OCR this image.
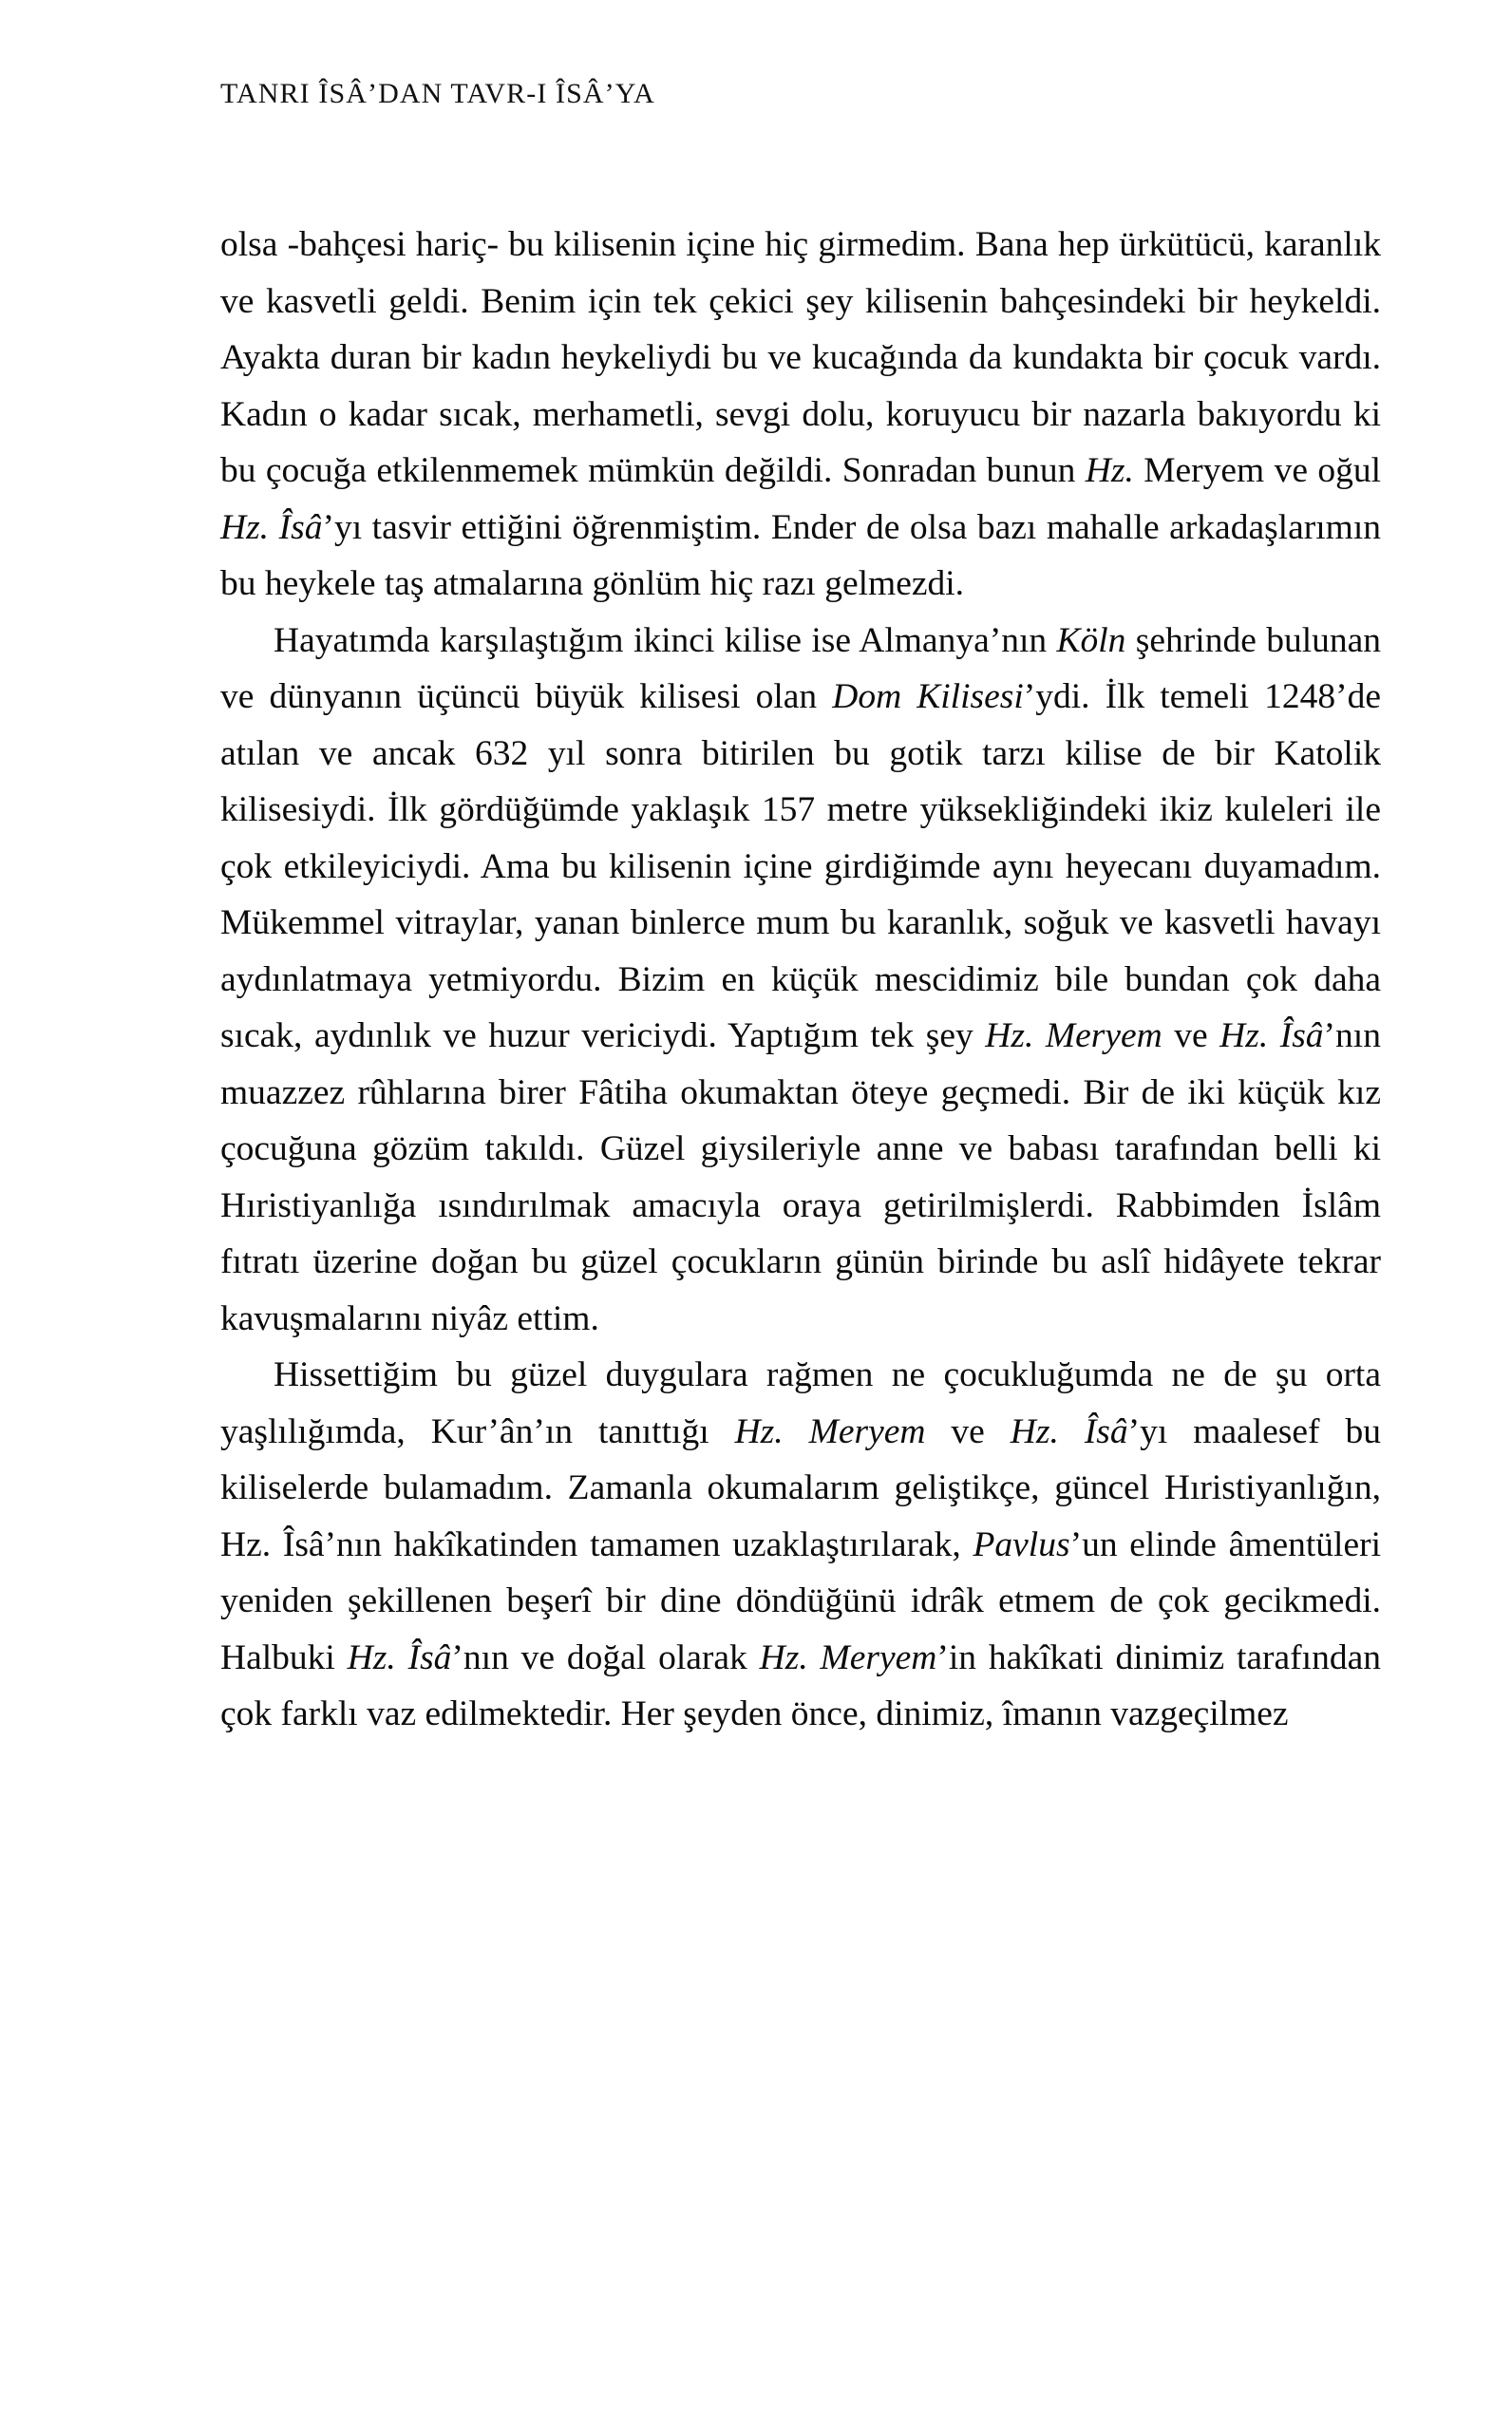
TANRI ÎSÂ’DAN TAVR-I ÎSÂ’YA

olsa -bahçesi hariç- bu kilisenin içine hiç girmedim. Bana hep ürkütücü, karanlık ve kasvetli geldi. Benim için tek çekici şey kilisenin bahçesindeki bir heykeldi. Ayakta duran bir kadın heykeliydi bu ve kucağında da kundakta bir çocuk vardı. Kadın o kadar sıcak, merhametli, sevgi dolu, koruyucu bir nazarla bakıyordu ki bu çocuğa etkilenmemek mümkün değildi. Sonradan bunun Hz. Meryem ve oğul Hz. Îsâ’yı tasvir ettiğini öğrenmiştim. Ender de olsa bazı mahalle arkadaşlarımın bu heykele taş atmalarına gönlüm hiç razı gelmezdi.

Hayatımda karşılaştığım ikinci kilise ise Almanya’nın Köln şehrinde bulunan ve dünyanın üçüncü büyük kilisesi olan Dom Kilisesi’ydi. İlk temeli 1248’de atılan ve ancak 632 yıl sonra bitirilen bu gotik tarzı kilise de bir Katolik kilisesiydi. İlk gördüğümde yaklaşık 157 metre yüksekliğindeki ikiz kuleleri ile çok etkileyiciydi. Ama bu kilisenin içine girdiğimde aynı heyecanı duyamadım. Mükemmel vitraylar, yanan binlerce mum bu karanlık, soğuk ve kasvetli havayı aydınlatmaya yetmiyordu. Bizim en küçük mescidimiz bile bundan çok daha sıcak, aydınlık ve huzur vericiydi. Yaptığım tek şey Hz. Meryem ve Hz. Îsâ’nın muazzez rûhlarına birer Fâtiha okumaktan öteye geçmedi. Bir de iki küçük kız çocuğuna gözüm takıldı. Güzel giysileriyle anne ve babası tarafından belli ki Hıristiyanlığa ısındırılmak amacıyla oraya getirilmişlerdi. Rabbimden İslâm fıtratı üzerine doğan bu güzel çocukların günün birinde bu aslî hidâyete tekrar kavuşmalarını niyâz ettim.

Hissettiğim bu güzel duygulara rağmen ne çocukluğumda ne de şu orta yaşlılığımda, Kur’ân’ın tanıttığı Hz. Meryem ve Hz. Îsâ’yı maalesef bu kiliselerde bulamadım. Zamanla okumalarım geliştikçe, güncel Hıristiyanlığın, Hz. Îsâ’nın hakîkatinden tamamen uzaklaştırılarak, Pavlus’un elinde âmentüleri yeniden şekillenen beşerî bir dine döndüğünü idrâk etmem de çok gecikmedi. Halbuki Hz. Îsâ’nın ve doğal olarak Hz. Meryem’in hakîkati dinimiz tarafından çok farklı vaz edilmektedir. Her şeyden önce, dinimiz, îmanın vazgeçilmez
